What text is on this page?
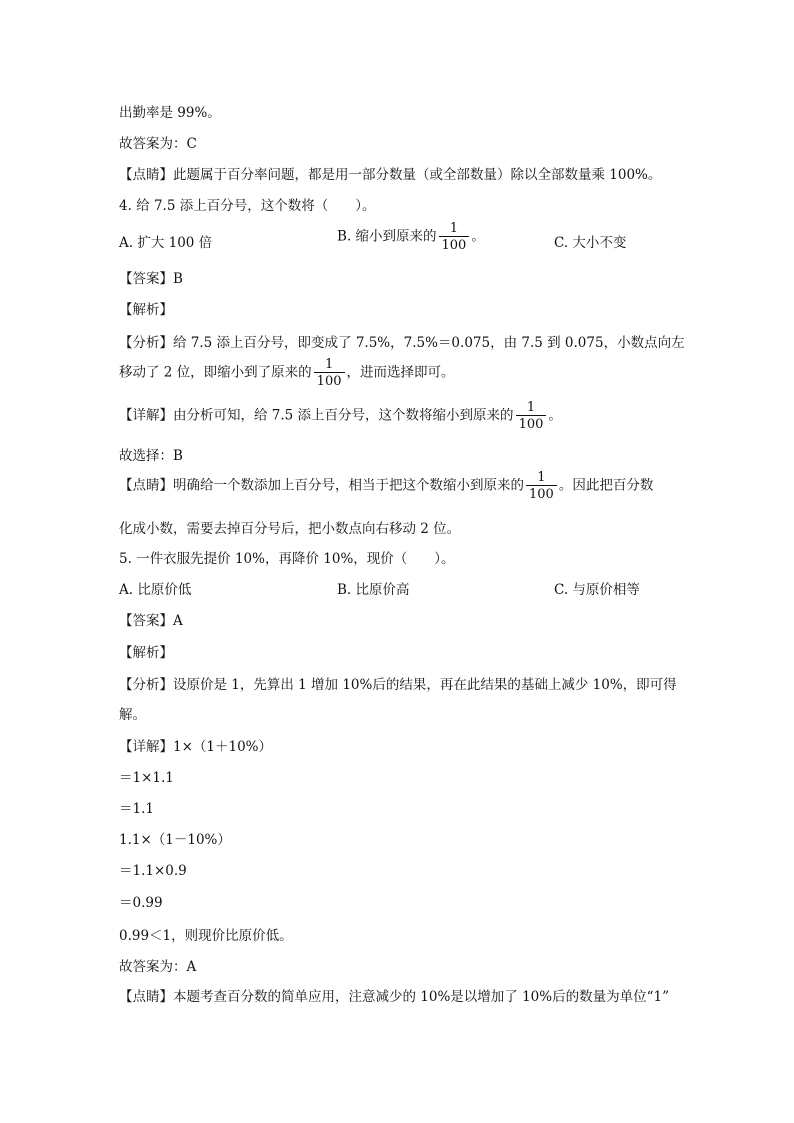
出勤率是 99%。
故答案为：C
【点睛】此题属于百分率问题，都是用一部分数量（或全部数量）除以全部数量乘 100%。
4. 给 7.5 添上百分号，这个数将（　　）。
A. 扩大 100 倍	B. 缩小到原来的 $\frac{1}{100}$ 。	C. 大小不变
【答案】B
【解析】
【分析】给 7.5 添上百分号，即变成了 7.5%，7.5%＝0.075，由 7.5 到 0.075，小数点向左
移动了 2 位，即缩小到了原来的 $\frac{1}{100}$ ，进而选择即可。
【详解】由分析可知，给 7.5 添上百分号，这个数将缩小到原来的 $\frac{1}{100}$ 。
故选择：B
【点睛】明确给一个数添加上百分号，相当于把这个数缩小到原来的 $\frac{1}{100}$ 。因此把百分数
化成小数，需要去掉百分号后，把小数点向右移动 2 位。
5. 一件衣服先提价 10%，再降价 10%，现价（　　）。
A. 比原价低	B. 比原价高	C. 与原价相等
【答案】A
【解析】
【分析】设原价是 1，先算出 1 增加 10%后的结果，再在此结果的基础上减少 10%，即可得
解。
【详解】1×（1＋10%）
＝1×1.1
＝1.1
1.1×（1－10%）
＝1.1×0.9
＝0.99
0.99＜1，则现价比原价低。
故答案为：A
【点睛】本题考查百分数的简单应用，注意减少的 10%是以增加了 10%后的数量为单位“1”
